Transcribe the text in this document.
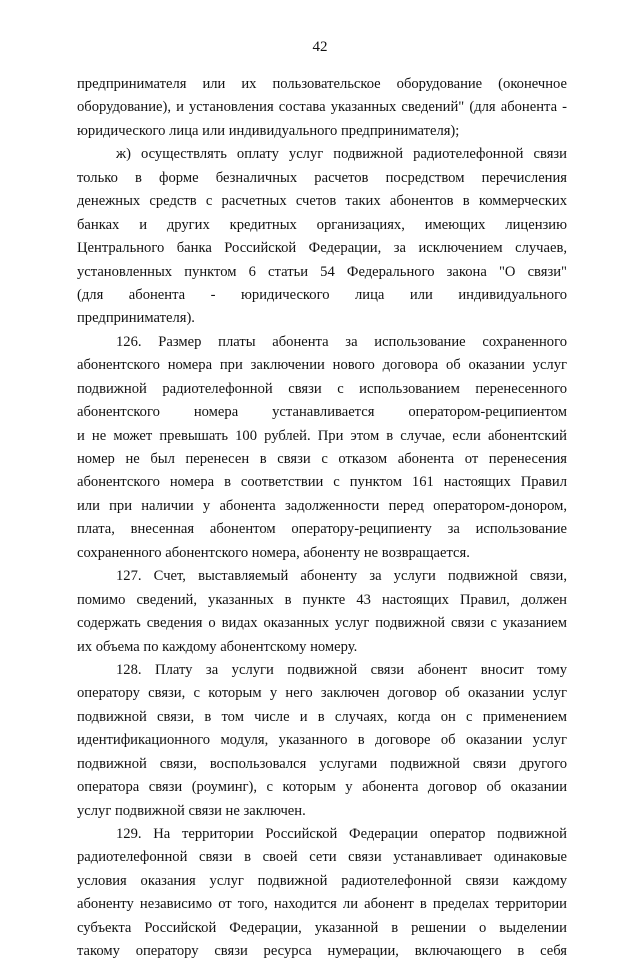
42
предпринимателя или их пользовательское оборудование (оконечное
оборудование), и установления состава указанных сведений" (для абонента -
юридического лица или индивидуального предпринимателя);
ж) осуществлять оплату услуг подвижной радиотелефонной связи
только в форме безналичных расчетов посредством перечисления
денежных средств с расчетных счетов таких абонентов в коммерческих
банках и других кредитных организациях, имеющих лицензию
Центрального банка Российской Федерации, за исключением случаев,
установленных пунктом 6 статьи 54 Федерального закона "О связи"
(для абонента - юридического лица или индивидуального
предпринимателя).
126. Размер платы абонента за использование сохраненного
абонентского номера при заключении нового договора об оказании услуг
подвижной радиотелефонной связи с использованием перенесенного
абонентского номера устанавливается оператором-реципиентом
и не может превышать 100 рублей. При этом в случае, если абонентский
номер не был перенесен в связи с отказом абонента от перенесения
абонентского номера в соответствии с пунктом 161 настоящих Правил
или при наличии у абонента задолженности перед оператором-донором,
плата, внесенная абонентом оператору-реципиенту за использование
сохраненного абонентского номера, абоненту не возвращается.
127. Счет, выставляемый абоненту за услуги подвижной связи,
помимо сведений, указанных в пункте 43 настоящих Правил, должен
содержать сведения о видах оказанных услуг подвижной связи с указанием
их объема по каждому абонентскому номеру.
128. Плату за услуги подвижной связи абонент вносит тому
оператору связи, с которым у него заключен договор об оказании услуг
подвижной связи, в том числе и в случаях, когда он с применением
идентификационного модуля, указанного в договоре об оказании услуг
подвижной связи, воспользовался услугами подвижной связи другого
оператора связи (роуминг), с которым у абонента договор об оказании
услуг подвижной связи не заключен.
129. На территории Российской Федерации оператор подвижной
радиотелефонной связи в своей сети связи устанавливает одинаковые
условия оказания услуг подвижной радиотелефонной связи каждому
абоненту независимо от того, находится ли абонент в пределах территории
субъекта Российской Федерации, указанной в решении о выделении
такому оператору связи ресурса нумерации, включающего в себя
